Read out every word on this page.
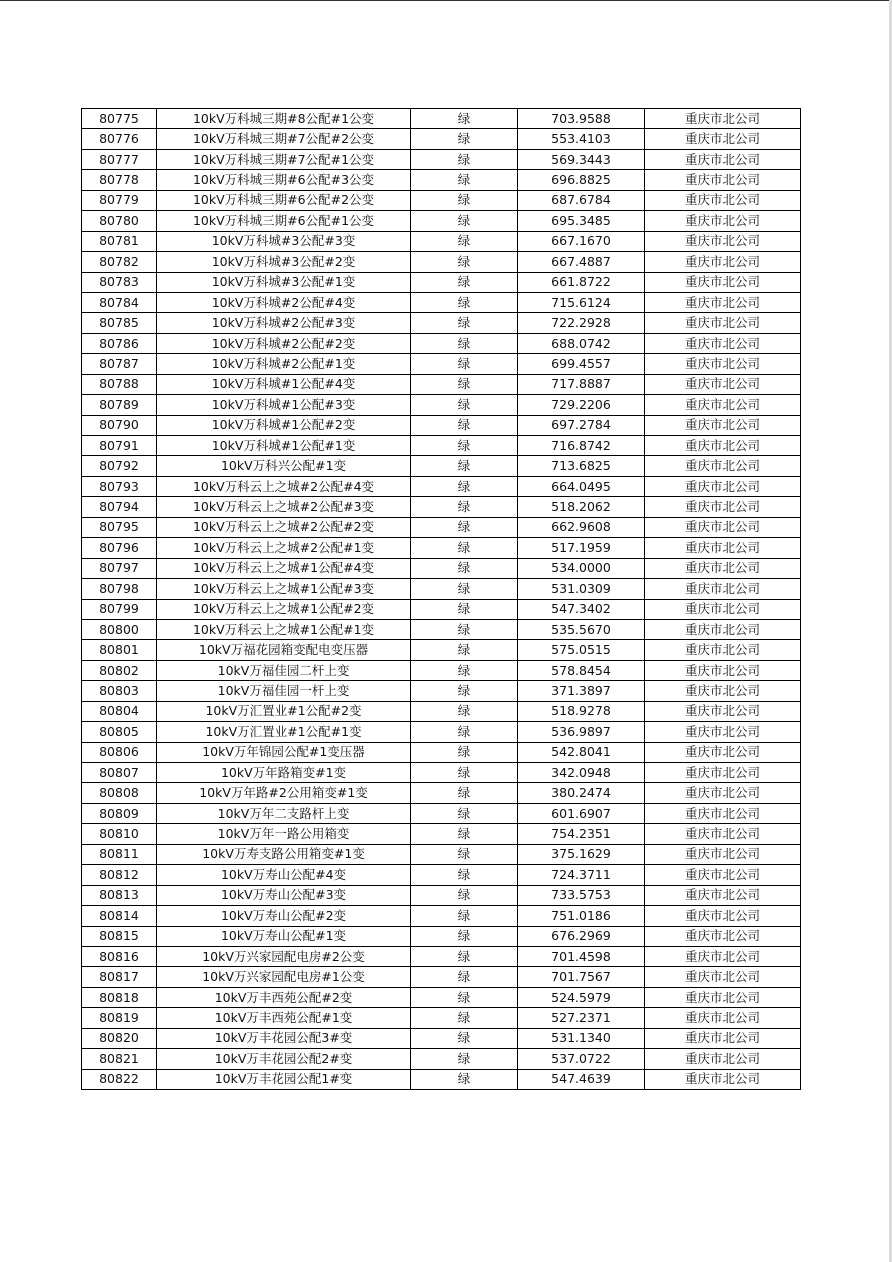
80775	10kV万科城三期#8公配#1公变	绿	703.9588	重庆市北公司
80776	10kV万科城三期#7公配#2公变	绿	553.4103	重庆市北公司
80777	10kV万科城三期#7公配#1公变	绿	569.3443	重庆市北公司
80778	10kV万科城三期#6公配#3公变	绿	696.8825	重庆市北公司
80779	10kV万科城三期#6公配#2公变	绿	687.6784	重庆市北公司
80780	10kV万科城三期#6公配#1公变	绿	695.3485	重庆市北公司
80781	10kV万科城#3公配#3变	绿	667.1670	重庆市北公司
80782	10kV万科城#3公配#2变	绿	667.4887	重庆市北公司
80783	10kV万科城#3公配#1变	绿	661.8722	重庆市北公司
80784	10kV万科城#2公配#4变	绿	715.6124	重庆市北公司
80785	10kV万科城#2公配#3变	绿	722.2928	重庆市北公司
80786	10kV万科城#2公配#2变	绿	688.0742	重庆市北公司
80787	10kV万科城#2公配#1变	绿	699.4557	重庆市北公司
80788	10kV万科城#1公配#4变	绿	717.8887	重庆市北公司
80789	10kV万科城#1公配#3变	绿	729.2206	重庆市北公司
80790	10kV万科城#1公配#2变	绿	697.2784	重庆市北公司
80791	10kV万科城#1公配#1变	绿	716.8742	重庆市北公司
80792	10kV万科兴公配#1变	绿	713.6825	重庆市北公司
80793	10kV万科云上之城#2公配#4变	绿	664.0495	重庆市北公司
80794	10kV万科云上之城#2公配#3变	绿	518.2062	重庆市北公司
80795	10kV万科云上之城#2公配#2变	绿	662.9608	重庆市北公司
80796	10kV万科云上之城#2公配#1变	绿	517.1959	重庆市北公司
80797	10kV万科云上之城#1公配#4变	绿	534.0000	重庆市北公司
80798	10kV万科云上之城#1公配#3变	绿	531.0309	重庆市北公司
80799	10kV万科云上之城#1公配#2变	绿	547.3402	重庆市北公司
80800	10kV万科云上之城#1公配#1变	绿	535.5670	重庆市北公司
80801	10kV万福花园箱变配电变压器	绿	575.0515	重庆市北公司
80802	10kV万福佳园二杆上变	绿	578.8454	重庆市北公司
80803	10kV万福佳园一杆上变	绿	371.3897	重庆市北公司
80804	10kV万汇置业#1公配#2变	绿	518.9278	重庆市北公司
80805	10kV万汇置业#1公配#1变	绿	536.9897	重庆市北公司
80806	10kV万年锦园公配#1变压器	绿	542.8041	重庆市北公司
80807	10kV万年路箱变#1变	绿	342.0948	重庆市北公司
80808	10kV万年路#2公用箱变#1变	绿	380.2474	重庆市北公司
80809	10kV万年二支路杆上变	绿	601.6907	重庆市北公司
80810	10kV万年一路公用箱变	绿	754.2351	重庆市北公司
80811	10kV万寿支路公用箱变#1变	绿	375.1629	重庆市北公司
80812	10kV万寿山公配#4变	绿	724.3711	重庆市北公司
80813	10kV万寿山公配#3变	绿	733.5753	重庆市北公司
80814	10kV万寿山公配#2变	绿	751.0186	重庆市北公司
80815	10kV万寿山公配#1变	绿	676.2969	重庆市北公司
80816	10kV万兴家园配电房#2公变	绿	701.4598	重庆市北公司
80817	10kV万兴家园配电房#1公变	绿	701.7567	重庆市北公司
80818	10kV万丰西苑公配#2变	绿	524.5979	重庆市北公司
80819	10kV万丰西苑公配#1变	绿	527.2371	重庆市北公司
80820	10kV万丰花园公配3#变	绿	531.1340	重庆市北公司
80821	10kV万丰花园公配2#变	绿	537.0722	重庆市北公司
80822	10kV万丰花园公配1#变	绿	547.4639	重庆市北公司
